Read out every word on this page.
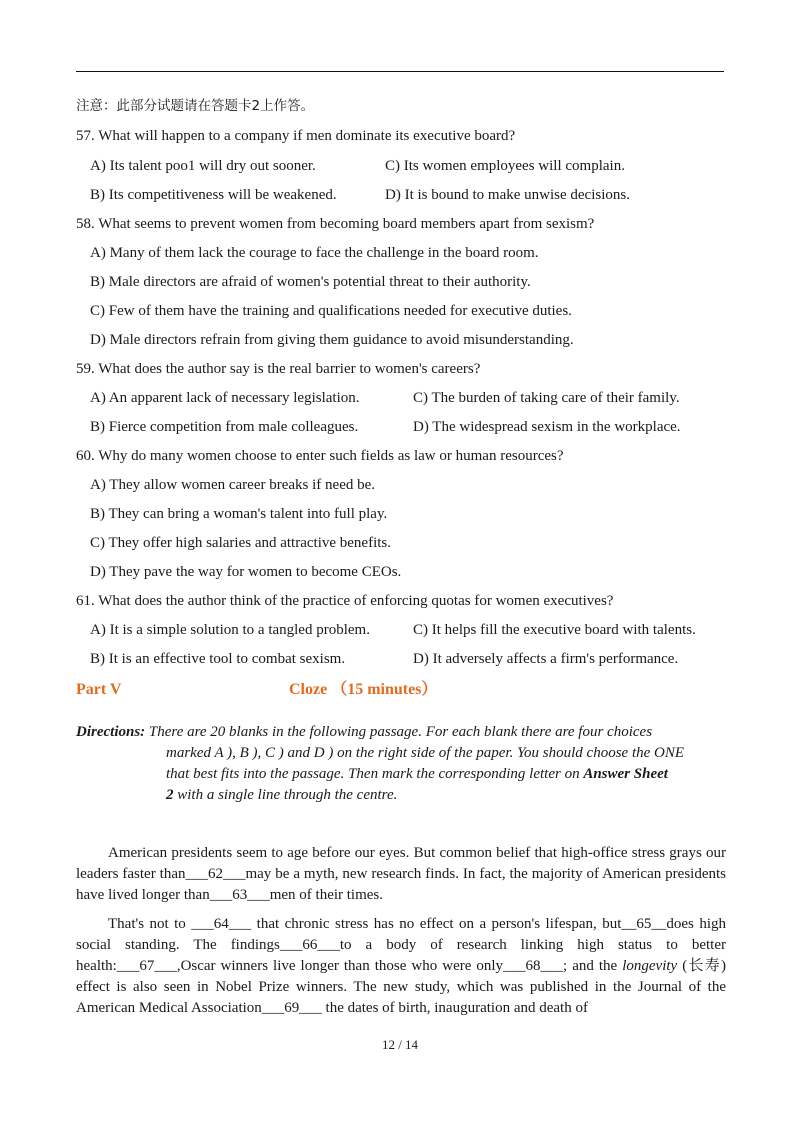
注意：此部分试题请在答题卡2上作答。
57. What will happen to a company if men dominate its executive board?
A) Its talent poo1 will dry out sooner.	C) Its women employees will complain.
B) Its competitiveness will be weakened.	D) It is bound to make unwise decisions.
58. What seems to prevent women from becoming board members apart from sexism?
A) Many of them lack the courage to face the challenge in the board room.
B) Male directors are afraid of women's potential threat to their authority.
C) Few of them have the training and qualifications needed for executive duties.
D) Male directors refrain from giving them guidance to avoid misunderstanding.
59. What does the author say is the real barrier to women's careers?
A) An apparent lack of necessary legislation.	C) The burden of taking care of their family.
B) Fierce competition from male colleagues.	D) The widespread sexism in the workplace.
60. Why do many women choose to enter such fields as law or human resources?
A) They allow women career breaks if need be.
B) They can bring a woman's talent into full play.
C) They offer high salaries and attractive benefits.
D) They pave the way for women to become CEOs.
61. What does the author think of the practice of enforcing quotas for women executives?
A) It is a simple solution to a tangled problem.	C) It helps fill the executive board with talents.
B) It is an effective tool to combat sexism.	D) It adversely affects a firm's performance.
Part V	Cloze （15 minutes）
Directions: There are 20 blanks in the following passage. For each blank there are four choices
marked A ), B ), C ) and D ) on the right side of the paper. You should choose the ONE
that best fits into the passage. Then mark the corresponding letter on Answer Sheet
2 with a single line through the centre.
American presidents seem to age before our eyes. But common belief that high-office stress grays our leaders faster than___62___may be a myth, new research finds. In fact, the majority of American presidents have lived longer than___63___men of their times.
That's not to ___64___ that chronic stress has no effect on a person's lifespan, but__65__does high social standing. The findings___66___to a body of research linking high status to better health:___67___,Oscar winners live longer than those who were only___68___; and the longevity (长寿) effect is also seen in Nobel Prize winners. The new study, which was published in the Journal of the American Medical Association___69___ the dates of birth, inauguration and death of
12 / 14
